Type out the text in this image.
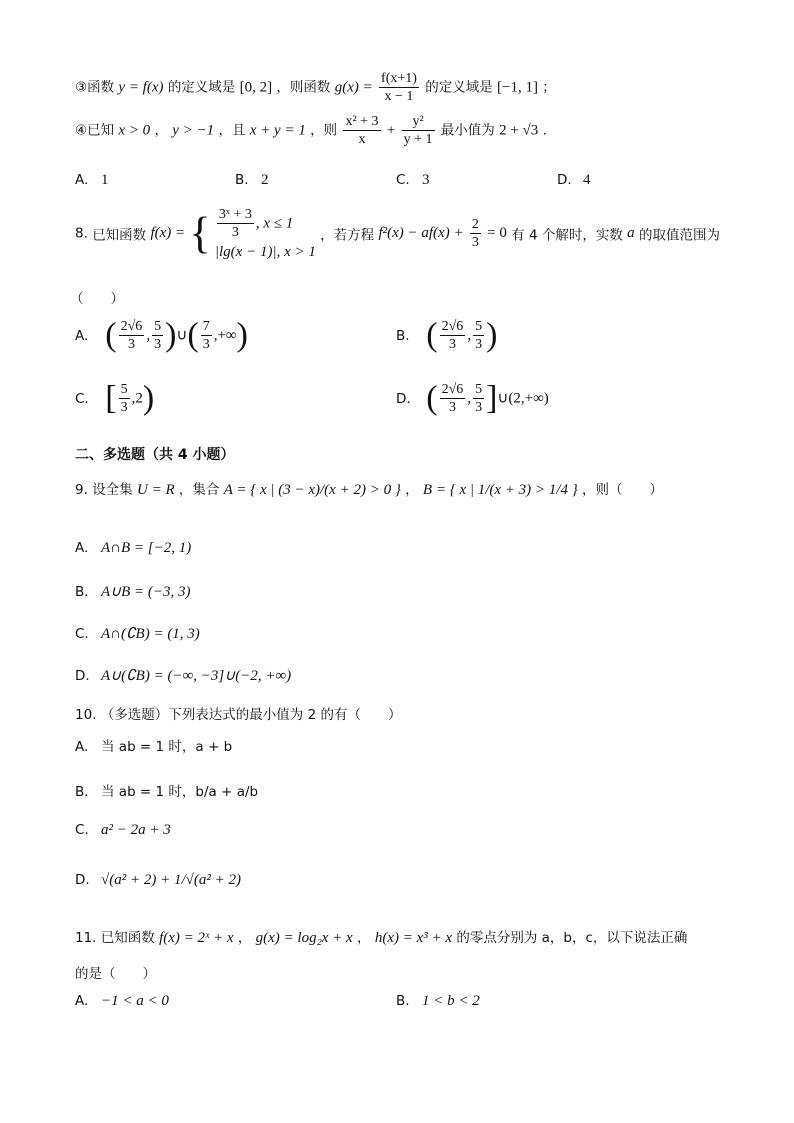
③函数 y = f(x) 的定义域是 [0, 2] ，则函数 $g(x) = \frac{f(x+1)}{x - 1}$ 的定义域是 [−1, 1] ；
④已知 x > 0 ， y > −1 ，且 x + y = 1 ，则 $\frac{\text{x² + 3}}{x} + \frac{\text{y²}}{y + 1}$ 最小值为 2 + √3 .
A. 1	B. 2	C. 3	D. 4
8. 已知函数 f(x) = { $\frac{\text{3ˣ + 3}}{3}$ , x ≤ 1
|lg(x − 1)|, x > 1
，若方程 $f^2(x) - af(x) + \frac{2}{3} = 0$ 有 4 个解时，实数 a 的取值范围为
（　　）
A. ( $\frac{2√6}{3}$ , $\frac{5}{3}$ )∪( $\frac{7}{3}$ ,+∞)	B. ( $\frac{2√6}{3}$ , $\frac{5}{3}$ )
C. [ $\frac{5}{3} ,2$)	D. ( $\frac{2√6}{3}$ , $\frac{5}{3}$ ]∪(2,+∞)
二、多选题（共 4 小题）
9. 设全集 U = R ，集合 A = { x | (3 − x)/(x + 2) > 0 } ， B = { x | 1/(x + 3) > 1/4 } ，则（　　）
A. A∩B = [−2, 1)
B. A∪B = (−3, 3)
C. A∩(∁B) = (1, 3)
D. A∪(∁B) = (−∞, −3]∪(−2, +∞)
10. （多选题）下列表达式的最小值为 2 的有（　　）
A. 当 ab = 1 时，a + b
B. 当 ab = 1 时，b/a + a/b
C. a² − 2a + 3
D. √(a² + 2) + 1/√(a² + 2)
11. 已知函数 f(x) = 2ˣ + x ， g(x) = log₂x + x ， h(x) = x³ + x 的零点分别为 a，b，c，以下说法正确
的是（　　）
A. −1 < a < 0	B. 1 < b < 2
